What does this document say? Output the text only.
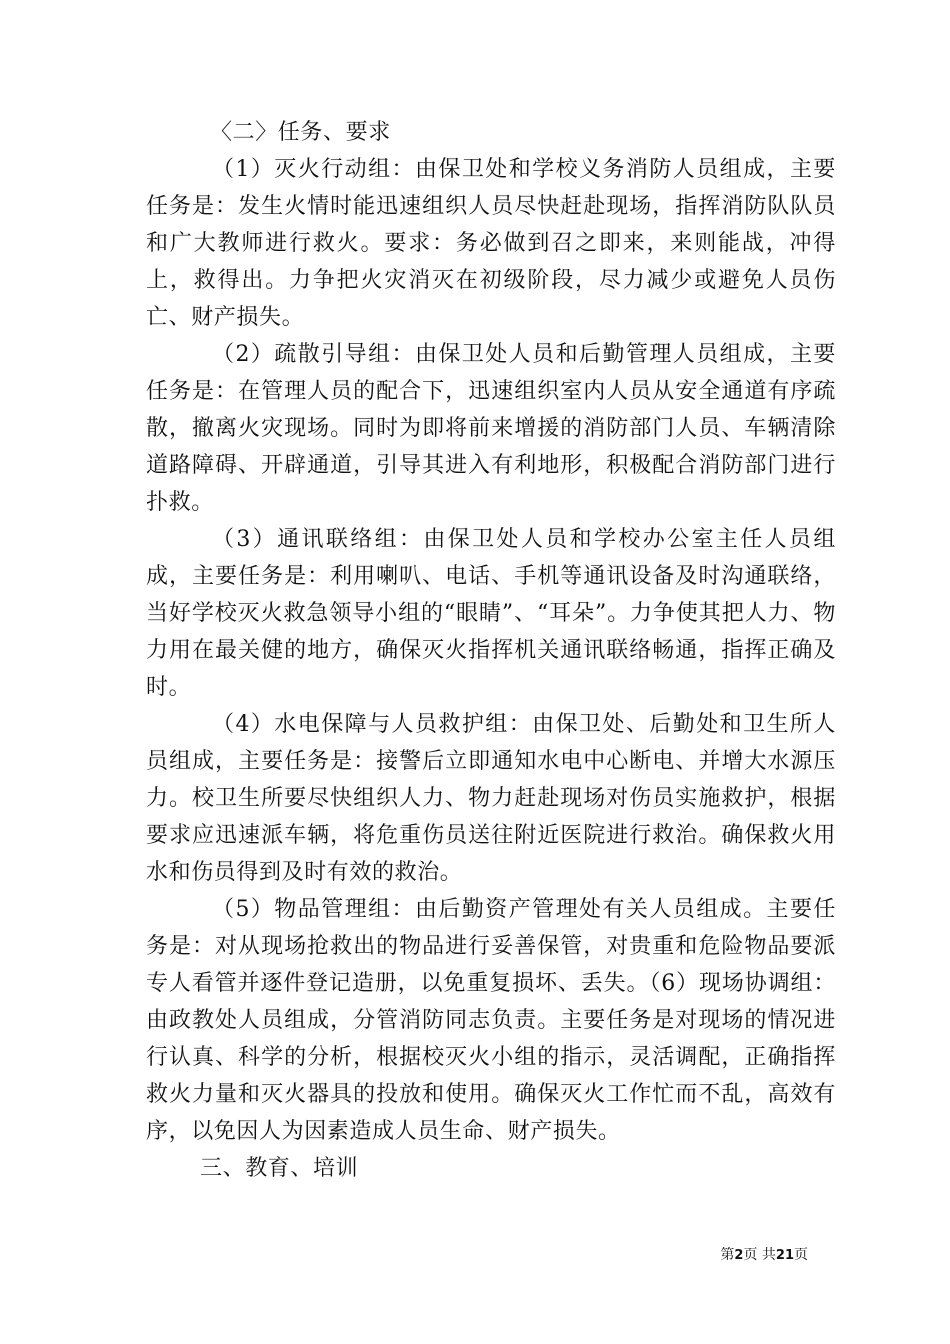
〈二〉任务、要求

（1）灭火行动组：由保卫处和学校义务消防人员组成，主要任务是：发生火情时能迅速组织人员尽快赶赴现场，指挥消防队队员和广大教师进行救火。要求：务必做到召之即来，来则能战，冲得上，救得出。力争把火灾消灭在初级阶段，尽力减少或避免人员伤亡、财产损失。

（2）疏散引导组：由保卫处人员和后勤管理人员组成，主要任务是：在管理人员的配合下，迅速组织室内人员从安全通道有序疏散，撤离火灾现场。同时为即将前来增援的消防部门人员、车辆清除道路障碍、开辟通道，引导其进入有利地形，积极配合消防部门进行扑救。

（3）通讯联络组：由保卫处人员和学校办公室主任人员组成，主要任务是：利用喇叭、电话、手机等通讯设备及时沟通联络，当好学校灭火救急领导小组的“眼睛”、“耳朵”。力争使其把人力、物力用在最关健的地方，确保灭火指挥机关通讯联络畅通，指挥正确及时。

（4）水电保障与人员救护组：由保卫处、后勤处和卫生所人员组成，主要任务是：接警后立即通知水电中心断电、并增大水源压力。校卫生所要尽快组织人力、物力赶赴现场对伤员实施救护，根据要求应迅速派车辆，将危重伤员送往附近医院进行救治。确保救火用水和伤员得到及时有效的救治。

（5）物品管理组：由后勤资产管理处有关人员组成。主要任务是：对从现场抢救出的物品进行妥善保管，对贵重和危险物品要派专人看管并逐件登记造册，以免重复损坏、丢失。（6）现场协调组：由政教处人员组成，分管消防同志负责。主要任务是对现场的情况进行认真、科学的分析，根据校灭火小组的指示，灵活调配，正确指挥救火力量和灭火器具的投放和使用。确保灭火工作忙而不乱，高效有序，以免因人为因素造成人员生命、财产损失。

三、教育、培训

第2页 共21页
